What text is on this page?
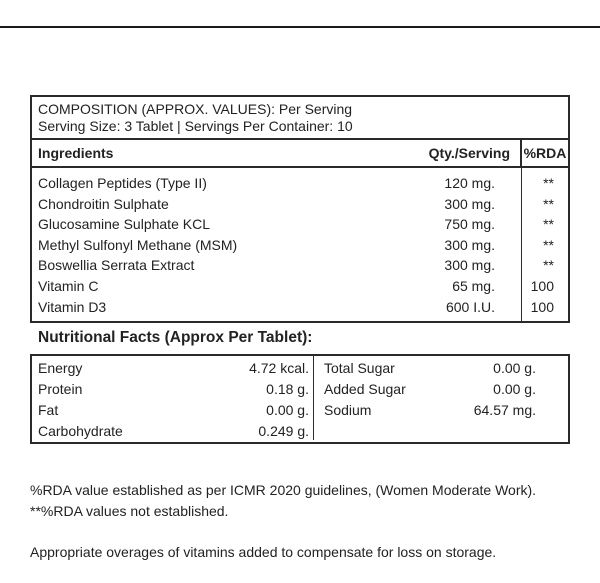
COMPOSITION (APPROX. VALUES): Per Serving
Serving Size: 3 Tablet | Servings Per Container: 10
Ingredients	Qty./Serving %RDA
Collagen Peptides (Type II)
Chondroitin Sulphate
Glucosamine Sulphate KCL
Methyl Sulfonyl Methane (MSM)
Boswellia Serrata Extract
Vitamin C
Vitamin D3
120 mg.
300 mg.
750 mg.
300 mg.
300 mg.
65 mg.
600 I.U.
**
**
**
**
**
100
100
Nutritional Facts (Approx Per Tablet):
Energy
Protein
Fat
Carbohydrate
4.72 kcal.
0.18 g.
0.00 g.
0.249 g.
Total Sugar
Added Sugar
Sodium
0.00 g.
0.00 g.
64.57 mg.
%RDA value established as per ICMR 2020 guidelines, (Women Moderate Work).
**%RDA values not established.
Appropriate overages of vitamins added to compensate for loss on storage.
